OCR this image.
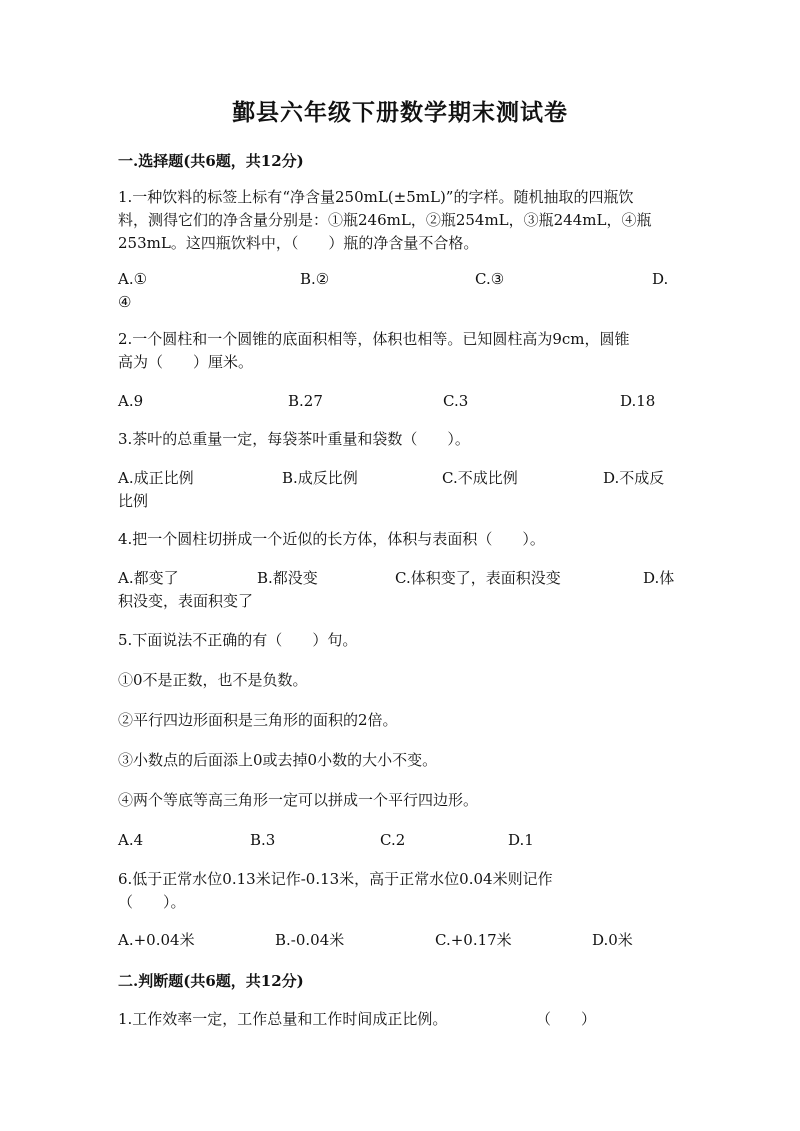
鄞县六年级下册数学期末测试卷
一.选择题(共6题，共12分)
1.一种饮料的标签上标有“净含量250mL(±5mL)”的字样。随机抽取的四瓶饮
料，测得它们的净含量分别是：①瓶246mL，②瓶254mL，③瓶244mL，④瓶
253mL。这四瓶饮料中，（　　）瓶的净含量不合格。
A.①	B.②	C.③	D.
④
2.一个圆柱和一个圆锥的底面积相等，体积也相等。已知圆柱高为9cm，圆锥
高为（　　）厘米。
A.9	B.27	C.3	D.18
3.茶叶的总重量一定，每袋茶叶重量和袋数（　　）。
A.成正比例	B.成反比例	C.不成比例	D.不成反
比例
4.把一个圆柱切拼成一个近似的长方体，体积与表面积（　　）。
A.都变了	B.都没变	C.体积变了，表面积没变	D.体
积没变，表面积变了
5.下面说法不正确的有（　　）句。
①0不是正数，也不是负数。
②平行四边形面积是三角形的面积的2倍。
③小数点的后面添上0或去掉0小数的大小不变。
④两个等底等高三角形一定可以拼成一个平行四边形。
A.4	B.3	C.2	D.1
6.低于正常水位0.13米记作-0.13米，高于正常水位0.04米则记作
（　　）。
A.+0.04米	B.-0.04米	C.+0.17米	D.0米
二.判断题(共6题，共12分)
1.工作效率一定，工作总量和工作时间成正比例。	（　　）
